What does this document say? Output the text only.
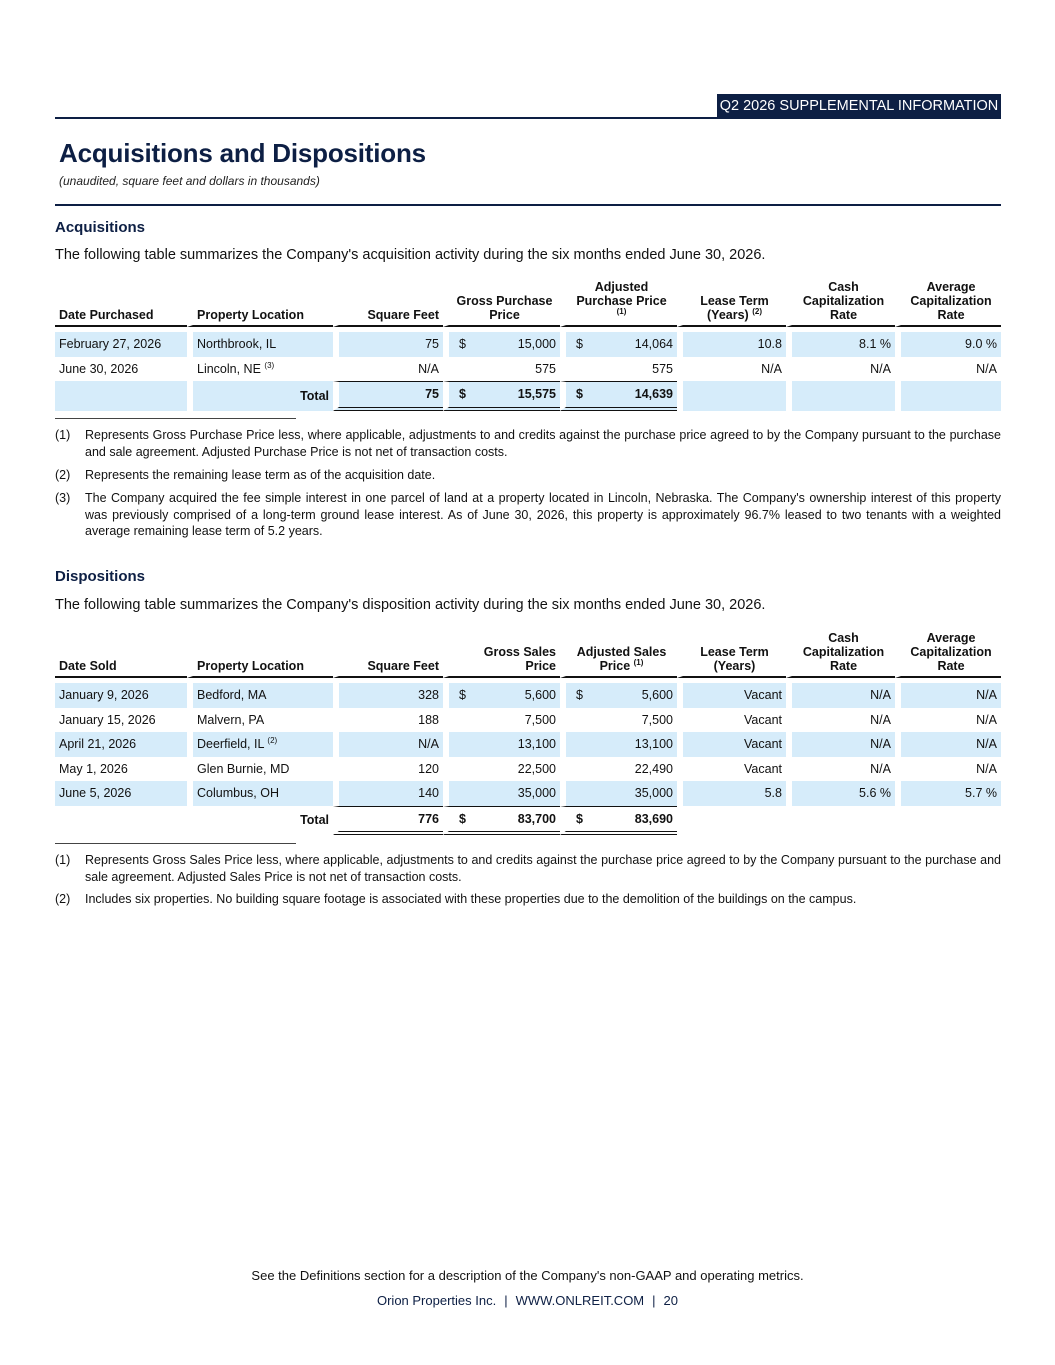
Q2 2026 SUPPLEMENTAL INFORMATION
Acquisitions and Dispositions
(unaudited, square feet and dollars in thousands)
Acquisitions
The following table summarizes the Company's acquisition activity during the six months ended June 30, 2026.
Date Purchased	Property Location	Square Feet	Gross Purchase Price	Adjusted Purchase Price $^{(1)}$	Lease Term (Years) $^{(2)}$	Cash Capitalization Rate	Average Capitalization Rate

February 27, 2026	Northbrook, IL	75	$ 15,000	$ 14,064	10.8	8.1 %	9.0 %
June 30, 2026	Lincoln, NE $^{(3)}$	N/A	575	575	N/A	N/A	N/A
	Total	75	$ 15,575	$ 14,639			
(1) Represents Gross Purchase Price less, where applicable, adjustments to and credits against the purchase price agreed to by the Company pursuant to the purchase and sale agreement. Adjusted Purchase Price is not net of transaction costs.
(2) Represents the remaining lease term as of the acquisition date.
(3) The Company acquired the fee simple interest in one parcel of land at a property located in Lincoln, Nebraska. The Company's ownership interest of this property was previously comprised of a long-term ground lease interest. As of June 30, 2026, this property is approximately 96.7% leased to two tenants with a weighted average remaining lease term of 5.2 years.
Dispositions
The following table summarizes the Company's disposition activity during the six months ended June 30, 2026.
Date Sold	Property Location	Square Feet	Gross Sales Price	Adjusted Sales Price $^{(1)}$	Lease Term (Years)	Cash Capitalization Rate	Average Capitalization Rate

January 9, 2026	Bedford, MA	328	$ 5,600	$ 5,600	Vacant	N/A	N/A
January 15, 2026	Malvern, PA	188	7,500	7,500	Vacant	N/A	N/A
April 21, 2026	Deerfield, IL $^{(2)}$	N/A	13,100	13,100	Vacant	N/A	N/A
May 1, 2026	Glen Burnie, MD	120	22,500	22,490	Vacant	N/A	N/A
June 5, 2026	Columbus, OH	140	35,000	35,000	5.8	5.6 %	5.7 %
	Total	776	$ 83,700	$ 83,690			
(1) Represents Gross Sales Price less, where applicable, adjustments to and credits against the purchase price agreed to by the Company pursuant to the purchase and sale agreement. Adjusted Sales Price is not net of transaction costs.
(2) Includes six properties. No building square footage is associated with these properties due to the demolition of the buildings on the campus.
See the Definitions section for a description of the Company's non-GAAP and operating metrics.
Orion Properties Inc. | WWW.ONLREIT.COM | 20
